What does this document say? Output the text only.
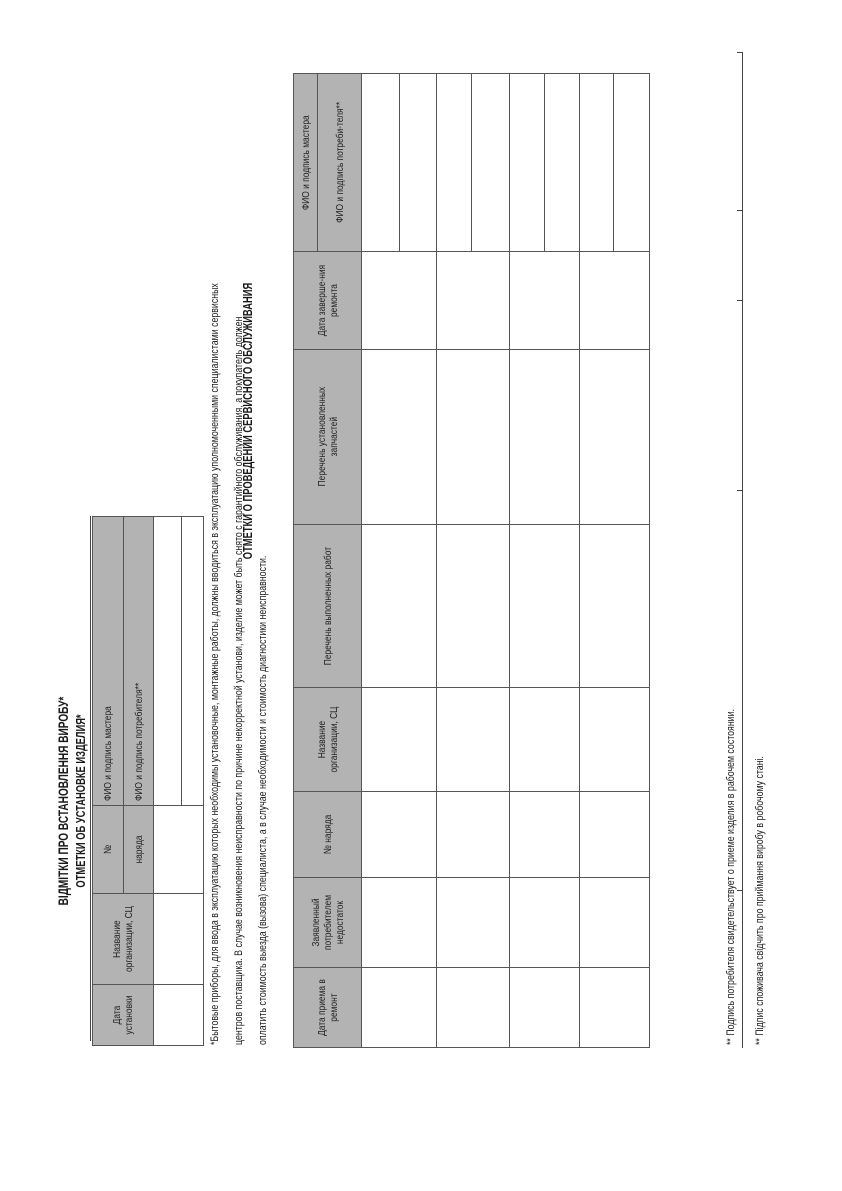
ВІДМІТКИ ПРО ВСТАНОВЛЕННЯ ВИРОБУ* ОТМЕТКИ ОБ УСТАНОВКЕ ИЗДЕЛИЯ*
Дата установки	Название организации, СЦ	№	ФИО и подпись мастера
		наряда	ФИО и подпись потребителя**
				*Бытовые приборы, для ввода в эксплуатацию которых необходимы установочные, монтажные работы, должны вводиться в эксплуатацию уполномоченными специалистами сервисных	центров поставщика. В случае возникновения неисправности по причине некорректной установи, изделие может быть снято с гарантийного обслуживания, а покупатель должен	оплатить стоимость выезда (вызова) специалиста, а в случае необходимости и стоимость диагностики неисправности.

ОТМЕТКИ О ПРОВЕДЕНИИ СЕРВИСНОГО ОБСЛУЖИВАНИЯ
Дата приема в ремонт	Заявленный потребителем недостаток	№ наряда	Название организации, СЦ	Перечень выполненных работ	Перечень установленных запчастей	Дата заверше-ния ремонта	ФИО и подпись мастера
							ФИО и подпись потреби-теля**

** Подпись потребителя свидетельствует о приеме изделия в рабочем состоянии. ** Підпис споживача свідчить про приймання виробу в робочому стані.
